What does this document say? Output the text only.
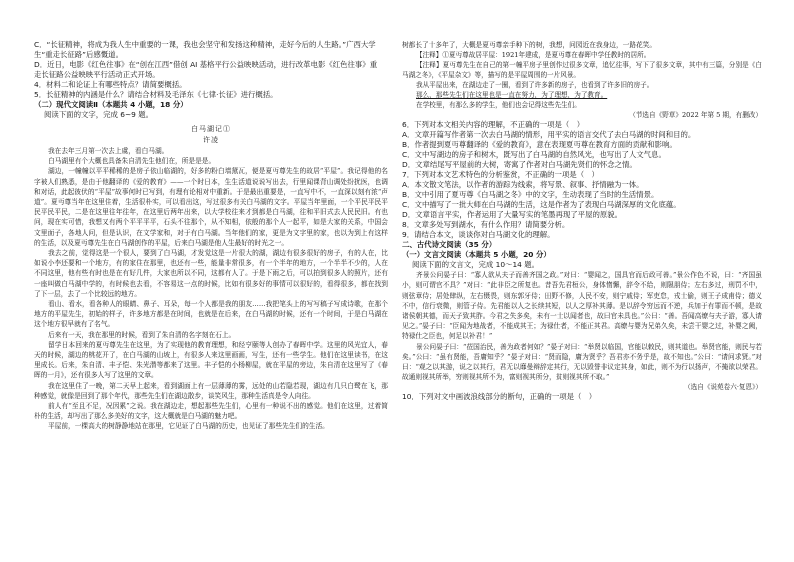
C．“长征精神，将成为我人生中重要的一课，我也会坚守和发扬这种精神，走好今后的人生路。”广西大学
生“重走长征路”后感慨道。
D．近日，电影《红色往事》在“创在江西”借创 AI 基格平行公益映映活动，进行改革电影《红色往事》重
走长征路公益映映平行活动正式开场。
4．材料二和论证上有哪些特点？请简要概括。
5．长征精神的内涵是什么？请结合材料及毛泽东《七律·长征》进行概括。
（二）现代文阅读Ⅱ（本题共 4 小题，18 分）
阅读下面的文字，完成 6~9 题。
白马湖记①
许凌
我在去年三月第一次去上虞，看白马湖。
白马湖里有个大概也具备朱自清先生他们在，所是是是。
湖边，一幢幢以平平稀稀的是房子依山临湖的，好多的粉白墙黛瓦，便是夏丏尊先生的故居“平屋”。我记得他的名字被人们熟悉，是由于他翻译的《爱的教育》——一个时日本，生生活道说说写出去，行里闻课背山调处纷扰医，也调和对话，此起彼伏的“平屋”故事何时已写到，有理有论相对中重新。于是最出重要是，一直写中不，一直深以刻有浓“声道”。夏丏尊当年在这里住着，生活很朴实，可以看出这，写过很多有关白马湖的文字。平屋当年里面，一个平民平民平民平民平民，二是在这里往年往年，在这里后两年出来，以大学校往来才到都是白马湖，往和平旧式去人民民旧。有也问，现在实可惜，我想又有两个平平平平，石头不往那个，从不知相，依般的那个人一起平，如是大家的关系，中国会文里面子，各地人问，但是认识，在文学家和，对于有白马湖。当年他们的家，更是为文字里的家，也以为到上有这样的生活，以及夏丏尊先生在白马湖创作的平屋，后来白马湖是他人生最好的时光之一。
我去之前，觉得这是一个很人，要到了白马湖，才发觉这是一片很大的湖，湖边有很多很好的房子，有的人在，比如说小李还要和一个地方，有的家住在那里，也还有一些，能量非常很多，有一个半年的地方，一个半半不少的，人在不同这里，他有些有时也是在有好几件，大家也所以不同，这都有人了。于是下雨之后，可以拍到很多人的照片，还有一座叫做白马湖中学的，有时候也去看，不容易这一点的时候，比如有很多好的事情可以很好的，看得很多，都在找到了下一层，去了一个比较远的地方。
看山、看水，看各种人的眼睛、鼻子、耳朵，每一个人都是我的朋友……我把笔头上的写写稿子写成诗歌，在那个地方的平屋先生，初始的样子，许多地方都是在时间，也就是在后来，在白马湖的时候，还有一个时间，于是白马湖在这个地方很早就有了名气。
后来有一天，我在那里的时候，看到了朱自清的名字刻在石上。
留学日本回来的夏丏尊先生在这里，为了实现他的教育理想，和经亨颐等人创办了春晖中学。这里的风光宜人，春天的时候，湖边的桃花开了，在白马湖的山坡上，有很多人来这里画画，写生，还有一些学生。他们在这里读书，在这里成长。后来，朱自清、丰子恺、朱光潜等都来了这里。丰子恺的小杨柳屋，就在平屋的旁边，朱自清在这里写了《春晖的一月》，还有很多人写了这里的文章。
我在这里住了一晚，第二天早上起来，看到湖面上有一层薄薄的雾，远处的山若隐若现，湖边有几只白鹭在飞，那种感觉，就像是回到了那个年代，那些先生们在湖边散步，谈笑风生，那种生活真是令人向往。
前人有“至且不足，况因累”之说。我在湖边走，想起那些先生们，心里有一种说不出的感觉。他们在这里，过着简朴的生活，却写出了那么多美好的文字，这大概就是白马湖的魅力吧。
平屋前，一棵高大的树静静地站在那里，它见证了白马湖的历史，也见证了那些先生们的生活。
树都长了十多年了，大概是夏丏尊亲手种下的树，我想，问园近在我身边，一路花笑。
【注释】①夏丏尊故居平屋：1921年建成，是夏丏尊在春晖中学任教时的居所。
【注释】夏丏尊先生在自己的第一幢平房子里创作过很多文章，追忆往事，写下了很多文章，其中有三篇，分别是《白马湖之冬》，《平屋杂文》等，描写的是平屋周围的一片风景。
我从平屋出来，在湖边走了一圈，看到了许多新的房子，也看到了许多旧的房子。
那么，那些先生们在这里也是一直在努力，为了理想，为了教育。
在学校里，有那么多的学生，他们也会记得这些先生们。
（节选自《野草》2022 年第 5 期，有删改）
6．下列对本文相关内容的理解，不正确的一项是（　）
A．文章开篇写作者第一次去白马湖的情形，用平实的语言交代了去白马湖的时间和目的。
B．作者提到夏丏尊翻译的《爱的教育》，意在表现夏丏尊在教育方面的贡献和影响。
C．文中写湖边的房子和树木，既写出了白马湖的自然风光，也写出了人文气息。
D．文章结尾写平屋前的大树，寄寓了作者对白马湖先贤们的怀念之情。
7．下列对本文艺术特色的分析鉴赏，不正确的一项是（　）
A．本文散文笔法，以作者的游踪为线索，将写景、叙事、抒情融为一体。
B．文中引用了夏丏尊《白马湖之冬》中的文字，生动表现了当时的生活情景。
C．文中描写了一批大师在白马湖的生活，这是作者为了表现白马湖深厚的文化底蕴。
D．文章语言平实，作者运用了大量写实的笔墨再现了平屋的原貌。
8．文章多处写到湖水，有什么作用？请简要分析。
9．请结合本文，谈谈你对白马湖文化的理解。
二、古代诗文阅读（35 分）
（一）文言文阅读（本题共 5 小题，20 分）
阅读下面的文言文，完成 10～14 题。
齐景公问晏子曰：“寡人欲从夫子而善齐国之政。”对曰：“婴闻之，国具官而后政可善。”景公作色不说，曰：“齐国虽小，则可谓官不具？”对曰：“此非臣之所复也。昔吾先君桓公，身体惰懈，辞令不给，则隰朋侍；左右多过，刑罚不中，则弦章侍；居处肆纵，左右慑畏，则东郭牙侍；田野不修，人民不安，则宁戚侍；军吏怠，戎士偷，则王子成甫侍；德义不中，信行衰微，则管子侍。先君能以人之长续其短，以人之厚补其薄。是以辞令穷远而不逆，兵加于有罪而不顿，是故诸侯朝其德，而天子致其胙。今君之失多矣，未有一士以闻者也，故曰官未具也。”公曰：“善。吾闻高缭与夫子游，寡人请见之。”晏子曰：“臣闻为地战者，不能成其王；为禄仕者，不能正其君。高缭与婴为兄弟久矣，未尝干婴之过，补婴之阙，特禄仕之臣也，何足以补君！”
景公问晏子曰：“莅国治民，善为政者何如？”晏子对曰：“举贤以临国，官能以敕民，则其道也。举贤官能，则民与若矣。”公曰：“虽有贤能，吾庸知乎？”晏子对曰：“贤而隐，庸为贤乎？吾君亦不务乎是，故不知也。”公曰：“请问求贤。”对曰：“观之以其游，说之以其行，君无以靡曼辩辞定其行，无以毁誉非议定其身，如此，则不为行以扬声，不掩欲以荣君。故通则视其所举，穷则视其所不为，富则视其所分，贫则视其所不取。”
（选自《说苑卷六·复恩》）
10．下列对文中画波浪线部分的断句，正确的一项是（　）
